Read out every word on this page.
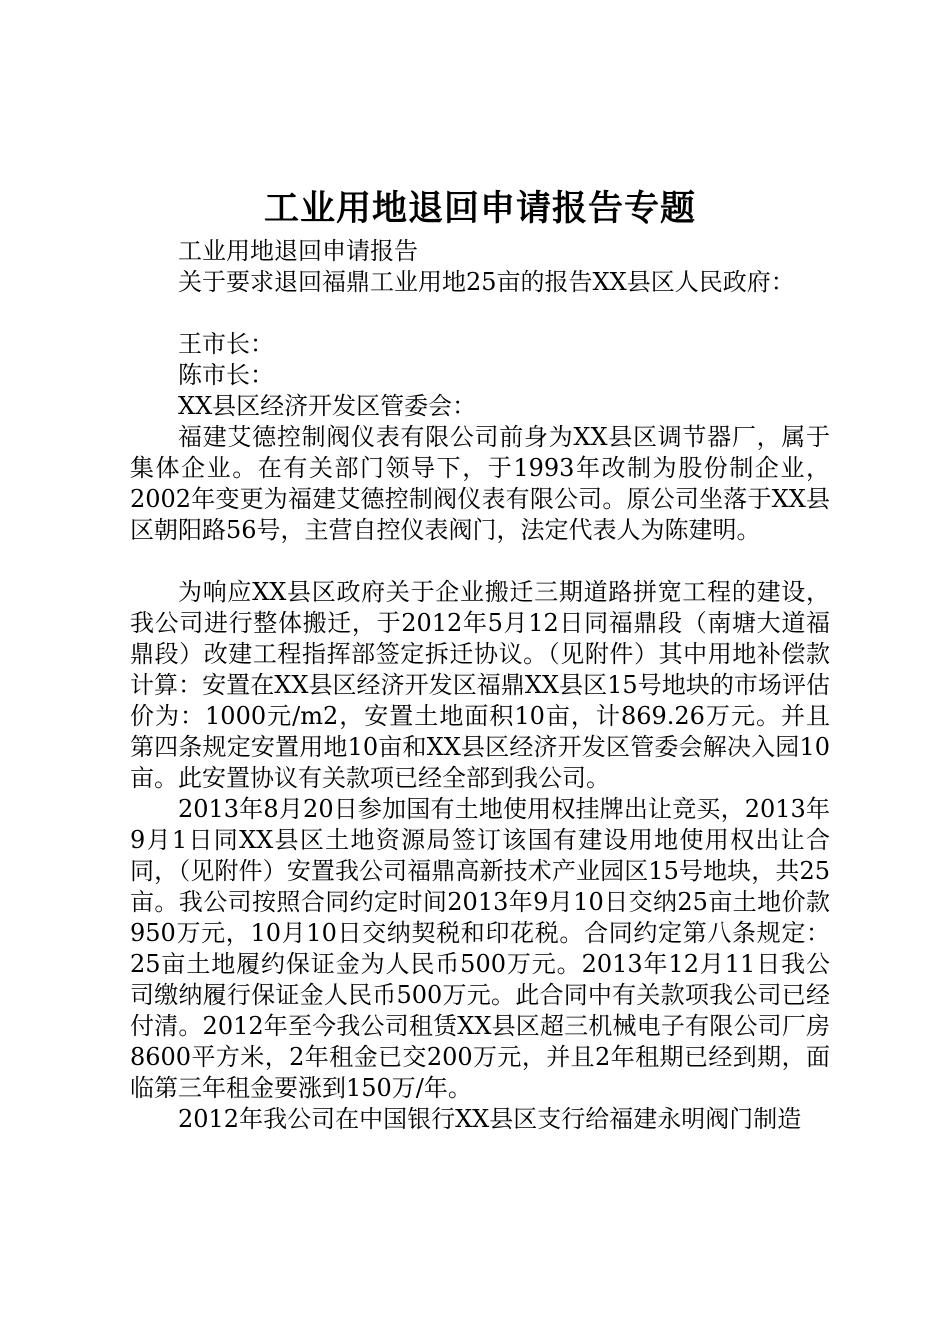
工业用地退回申请报告专题
工业用地退回申请报告
关于要求退回福鼎工业用地25亩的报告XX县区人民政府：
王市长：
陈市长：
XX县区经济开发区管委会：

福建艾德控制阀仪表有限公司前身为XX县区调节器厂，属于集体企业。在有关部门领导下，于1993年改制为股份制企业，2002年变更为福建艾德控制阀仪表有限公司。原公司坐落于XX县区朝阳路56号，主营自控仪表阀门，法定代表人为陈建明。

为响应XX县区政府关于企业搬迁三期道路拼宽工程的建设，我公司进行整体搬迁，于2012年5月12日同福鼎段（南塘大道福鼎段）改建工程指挥部签定拆迁协议。（见附件）其中用地补偿款计算：安置在XX县区经济开发区福鼎XX县区15号地块的市场评估价为：1000元/m2，安置土地面积10亩，计869.26万元。并且第四条规定安置用地10亩和XX县区经济开发区管委会解决入园10亩。此安置协议有关款项已经全部到我公司。

2013年8月20日参加国有土地使用权挂牌出让竞买，2013年9月1日同XX县区土地资源局签订该国有建设用地使用权出让合同，（见附件）安置我公司福鼎高新技术产业园区15号地块，共25亩。我公司按照合同约定时间2013年9月10日交纳25亩土地价款950万元，10月10日交纳契税和印花税。合同约定第八条规定：25亩土地履约保证金为人民币500万元。2013年12月11日我公司缴纳履行保证金人民币500万元。此合同中有关款项我公司已经付清。2012年至今我公司租赁XX县区超三机械电子有限公司厂房8600平方米，2年租金已交200万元，并且2年租期已经到期，面临第三年租金要涨到150万/年。

2012年我公司在中国银行XX县区支行给福建永明阀门制造
